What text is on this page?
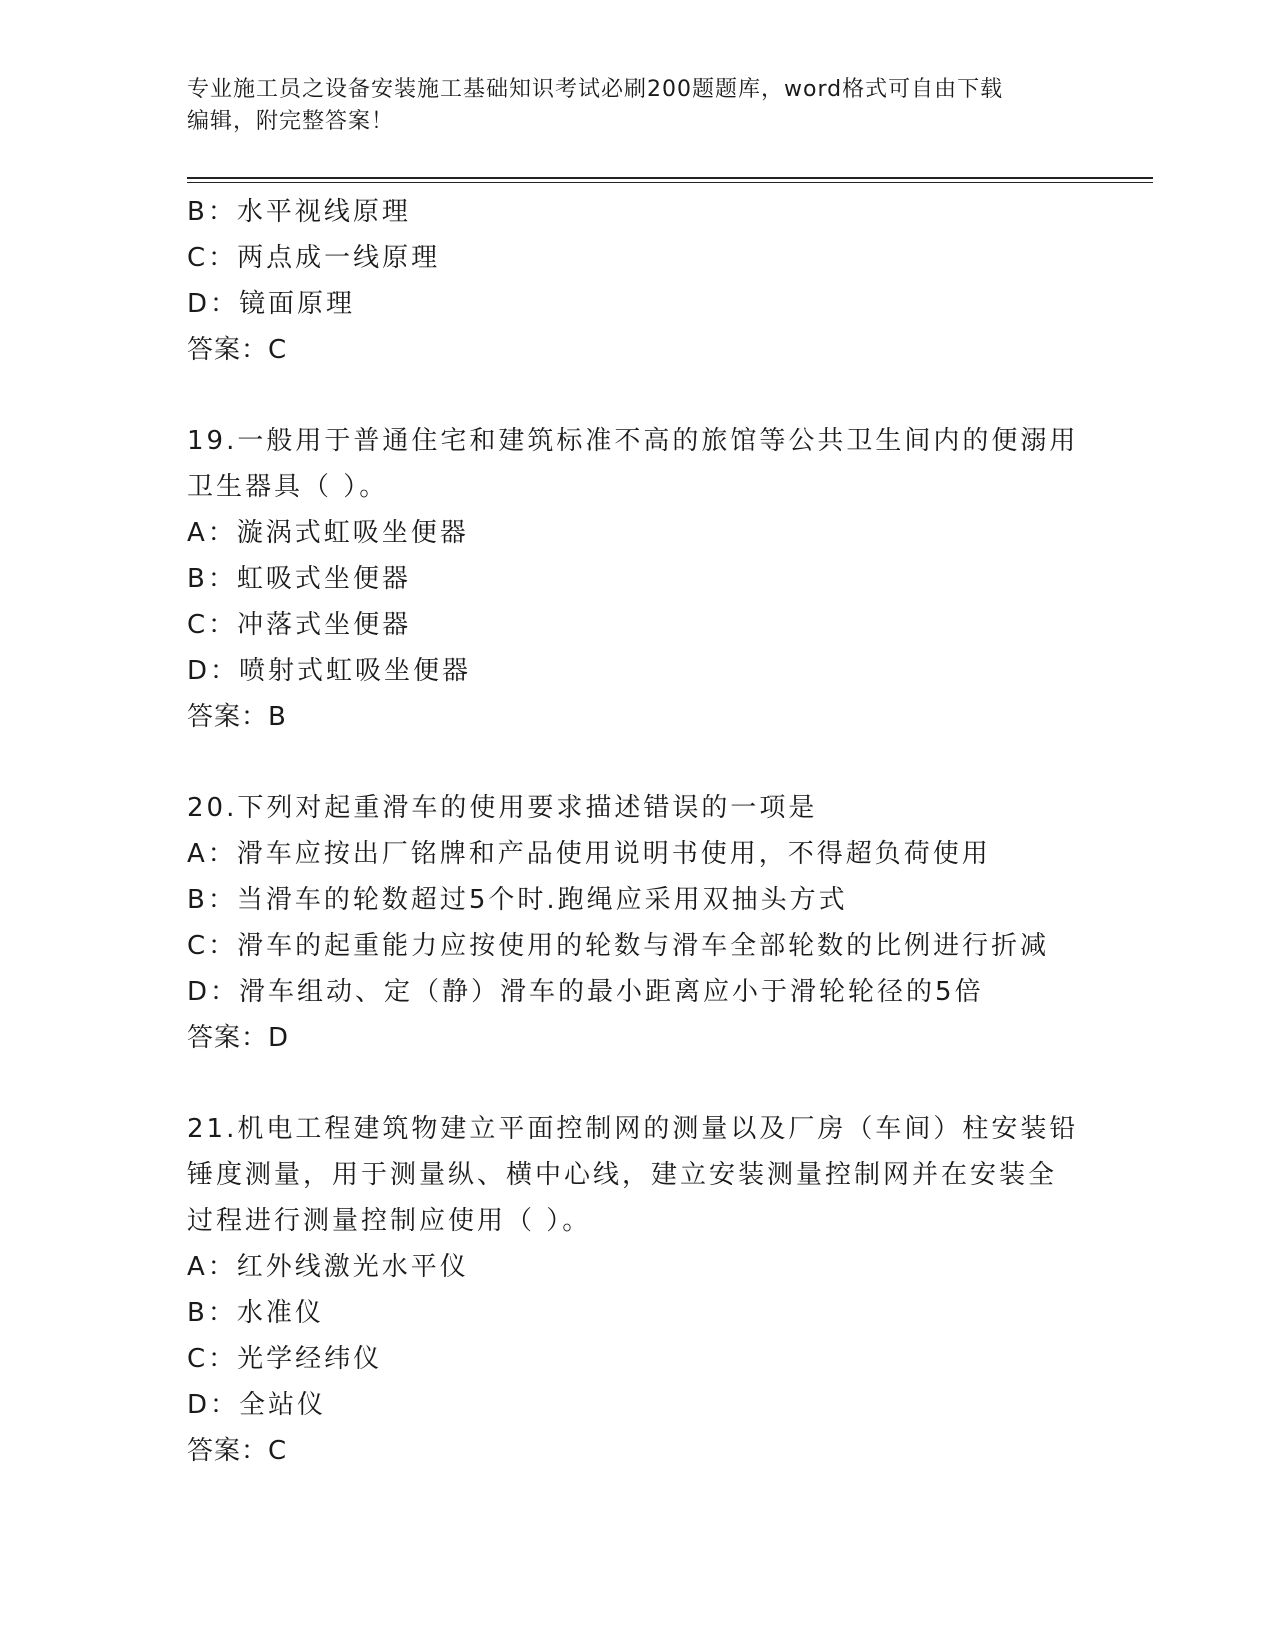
专业施工员之设备安装施工基础知识考试必刷200题题库，word格式可自由下载
编辑，附完整答案！
B：水平视线原理
C：两点成一线原理
D：镜面原理
答案：C
19.一般用于普通住宅和建筑标准不高的旅馆等公共卫生间内的便溺用
卫生器具（ ）。
A：漩涡式虹吸坐便器
B：虹吸式坐便器
C：冲落式坐便器
D：喷射式虹吸坐便器
答案：B
20.下列对起重滑车的使用要求描述错误的一项是
A：滑车应按出厂铭牌和产品使用说明书使用，不得超负荷使用
B：当滑车的轮数超过5个时.跑绳应采用双抽头方式
C：滑车的起重能力应按使用的轮数与滑车全部轮数的比例进行折减
D：滑车组动、定（静）滑车的最小距离应小于滑轮轮径的5倍
答案：D
21.机电工程建筑物建立平面控制网的测量以及厂房（车间）柱安装铅
锤度测量，用于测量纵、横中心线，建立安装测量控制网并在安装全
过程进行测量控制应使用（ ）。
A：红外线激光水平仪
B：水准仪
C：光学经纬仪
D：全站仪
答案：C
